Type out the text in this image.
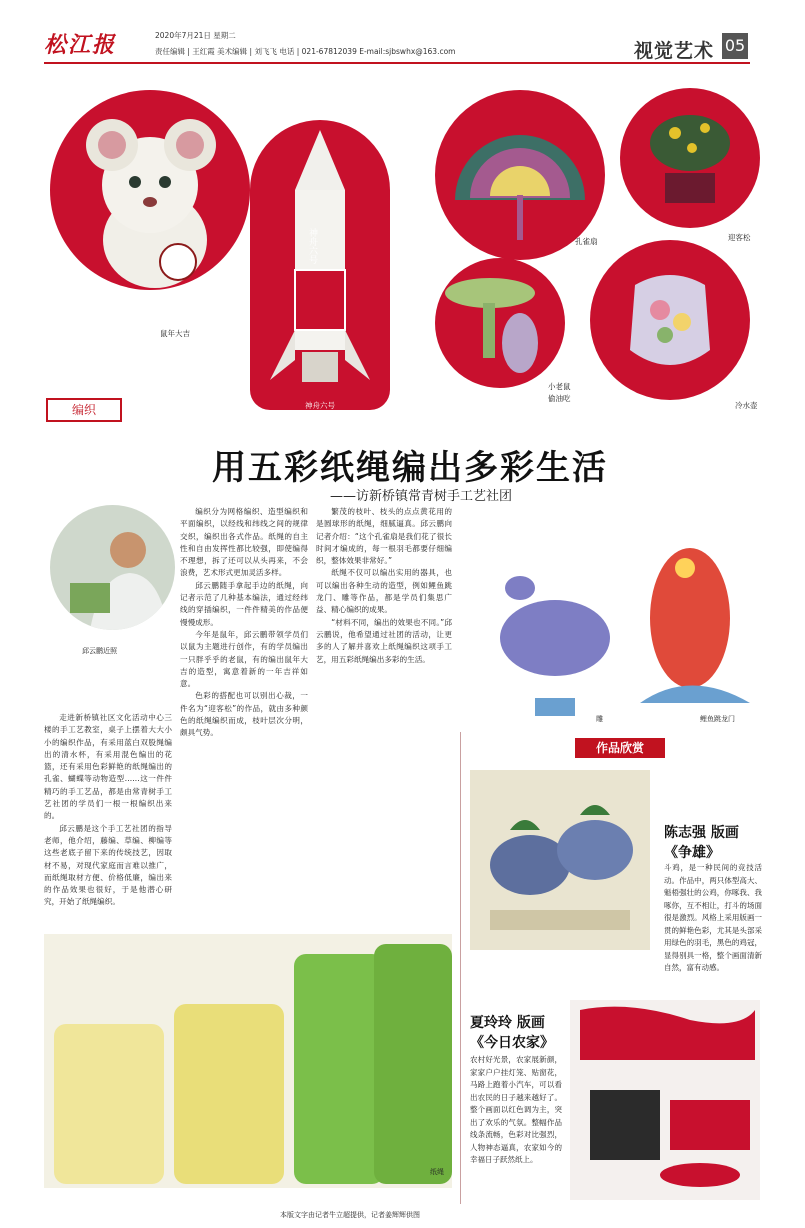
松江报	2020年7月21日 星期二
责任编辑 | 王红霞 美术编辑 | 刘飞飞 电话 | 021-67812039 E-mail:sjbswhx@163.com	视觉艺术 05
鼠年大吉
神舟六号
神舟六号
孔雀扇	迎客松
小老鼠
偷油吃
冷水壶
编织
用五彩纸绳编出多彩生活
——访新桥镇常青树手工艺社团
邱云鹏近照

走进新桥镇社区文化活动中心三楼的手工艺教室，桌子上摆着大大小小的编织作品，有采用蓝白双股绳编出的清水杯，有采用混色编出的花篮，还有采用色彩鲜艳的纸绳编出的孔雀、蝴蝶等动物造型……这一件件精巧的手工艺品，都是由常青树手工艺社团的学员们一根一根编织出来的。

邱云鹏是这个手工艺社团的指导老师，他介绍，藤编、草编、柳编等这些老底子留下来的传统技艺，因取材不易，对现代家庭而言难以推广，而纸绳取材方便、价格低廉，编出来的作品效果也很好，于是他潜心研究，开始了纸绳编织。

编织分为网格编织、造型编织和平面编织，以经线和纬线之间的规律交织，编织出各式作品。纸绳的自主性和自由发挥性都比较强，即使编得不理想，拆了还可以从头再来，不会浪费，艺术形式更加灵活多样。

邱云鹏随手拿起手边的纸绳，向记者示范了几种基本编法，通过经纬线的穿插编织，一件件精美的作品便慢慢成形。

今年是鼠年，邱云鹏带领学员们以鼠为主题进行创作，有的学员编出一只胖乎乎的老鼠，有的编出鼠年大吉的造型，寓意着新的一年吉祥如意。

色彩的搭配也可以别出心裁，一件名为“迎客松”的作品，就由多种颜色的纸绳编织而成，枝叶层次分明，颇具气势。

繁茂的枝叶、枝头的点点黄花用的是圆球形的纸绳，细腻逼真。邱云鹏向记者介绍：“这个孔雀扇是我们花了很长时间才编成的，每一根羽毛都要仔细编织，整体效果非常好。”

纸绳不仅可以编出实用的器具，也可以编出各种生动的造型，例如鲤鱼跳龙门、雕等作品，都是学员们集思广益、精心编织的成果。

“材料不同，编出的效果也不同。”邱云鹏说，他希望通过社团的活动，让更多的人了解并喜欢上纸绳编织这项手工艺，用五彩纸绳编出多彩的生活。

雕	鲤鱼跳龙门
纸绳
作品欣赏
陈志强 版画
《争雄》
斗鸡，是一种民间的竞技活动。作品中，两只体型高大、魁梧强壮的公鸡，你啄我、我啄你，互不相让，打斗的场面很是激烈。风格上采用版画一贯的鲜艳色彩，尤其是头部采用绿色的羽毛，黑色的鸡冠，显得别具一格，整个画面清新自然，富有动感。
夏玲玲 版画
《今日农家》
农村好光景，农家展新颜，家家户户挂灯笼、贴窗花，马路上跑着小汽车，可以看出农民的日子越来越好了。整个画面以红色调为主，突出了欢乐的气氛。整幅作品线条流畅，色彩对比强烈，人物神态逼真，农家如今的幸福日子跃然纸上。
本版文字由记者牛立超提供，记者姜辉辉供图
